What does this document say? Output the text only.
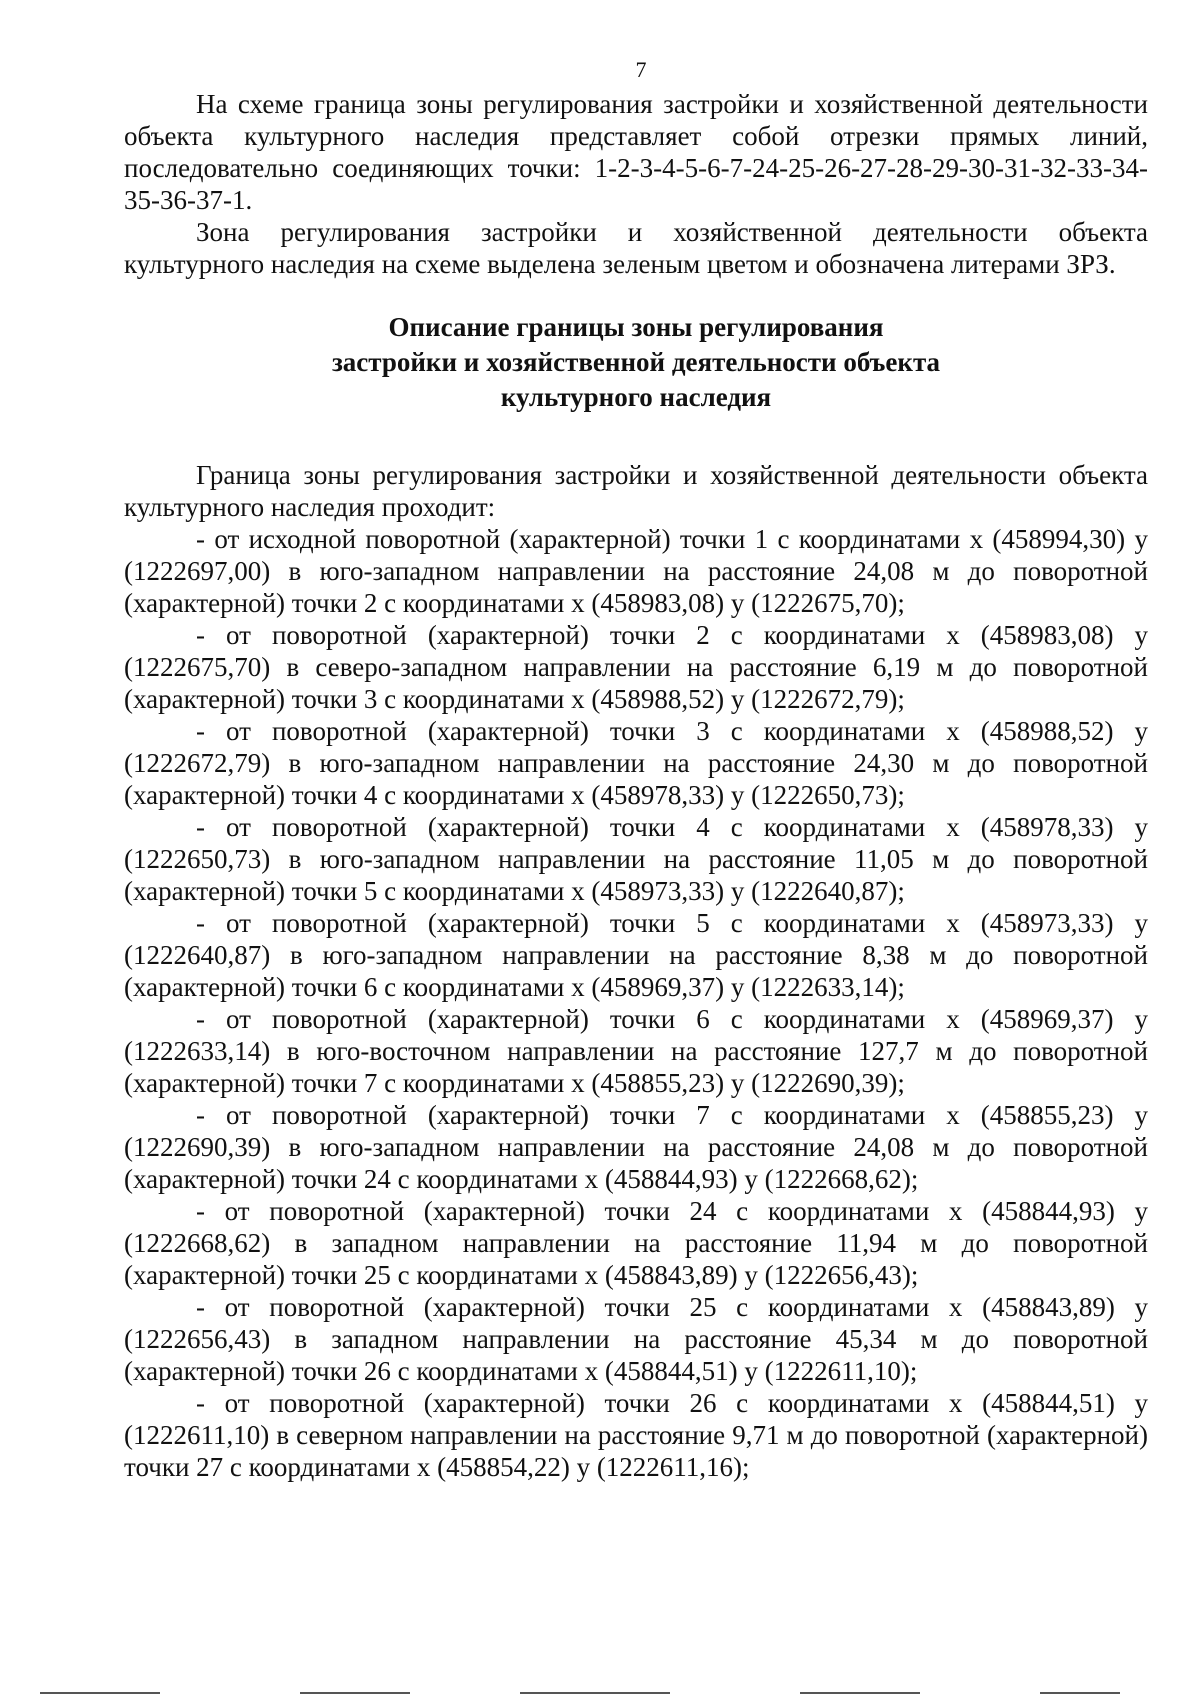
7

На схеме граница зоны регулирования застройки и хозяйственной деятельности объекта культурного наследия представляет собой отрезки прямых линий, последовательно соединяющих точки: 1-2-3-4-5-6-7-24-25-26-27-28-29-30-31-32-33-34-35-36-37-1.

Зона регулирования застройки и хозяйственной деятельности объекта культурного наследия на схеме выделена зеленым цветом и обозначена литерами ЗРЗ.

Описание границы зоны регулирования
застройки и хозяйственной деятельности объекта
культурного наследия

Граница зоны регулирования застройки и хозяйственной деятельности объекта культурного наследия проходит:

- от исходной поворотной (характерной) точки 1 с координатами х (458994,30) у (1222697,00) в юго-западном направлении на расстояние 24,08 м до поворотной (характерной) точки 2 с координатами х (458983,08) у (1222675,70);
- от поворотной (характерной) точки 2 с координатами х (458983,08) у (1222675,70) в северо-западном направлении на расстояние 6,19 м до поворотной (характерной) точки 3 с координатами х (458988,52) у (1222672,79);
- от поворотной (характерной) точки 3 с координатами х (458988,52) у (1222672,79) в юго-западном направлении на расстояние 24,30 м до поворотной (характерной) точки 4 с координатами х (458978,33) у (1222650,73);
- от поворотной (характерной) точки 4 с координатами х (458978,33) у (1222650,73) в юго-западном направлении на расстояние 11,05 м до поворотной (характерной) точки 5 с координатами х (458973,33) у (1222640,87);
- от поворотной (характерной) точки 5 с координатами х (458973,33) у (1222640,87) в юго-западном направлении на расстояние 8,38 м до поворотной (характерной) точки 6 с координатами х (458969,37) у (1222633,14);
- от поворотной (характерной) точки 6 с координатами х (458969,37) у (1222633,14) в юго-восточном направлении на расстояние 127,7 м до поворотной (характерной) точки 7 с координатами х (458855,23) у (1222690,39);
- от поворотной (характерной) точки 7 с координатами х (458855,23) у (1222690,39) в юго-западном направлении на расстояние 24,08 м до поворотной (характерной) точки 24 с координатами х (458844,93) у (1222668,62);
- от поворотной (характерной) точки 24 с координатами х (458844,93) у (1222668,62) в западном направлении на расстояние 11,94 м до поворотной (характерной) точки 25 с координатами х (458843,89) у (1222656,43);
- от поворотной (характерной) точки 25 с координатами х (458843,89) у (1222656,43) в западном направлении на расстояние 45,34 м до поворотной (характерной) точки 26 с координатами х (458844,51) у (1222611,10);
- от поворотной (характерной) точки 26 с координатами х (458844,51) у (1222611,10) в северном направлении на расстояние 9,71 м до поворотной (характерной) точки 27 с координатами х (458854,22) у (1222611,16);
